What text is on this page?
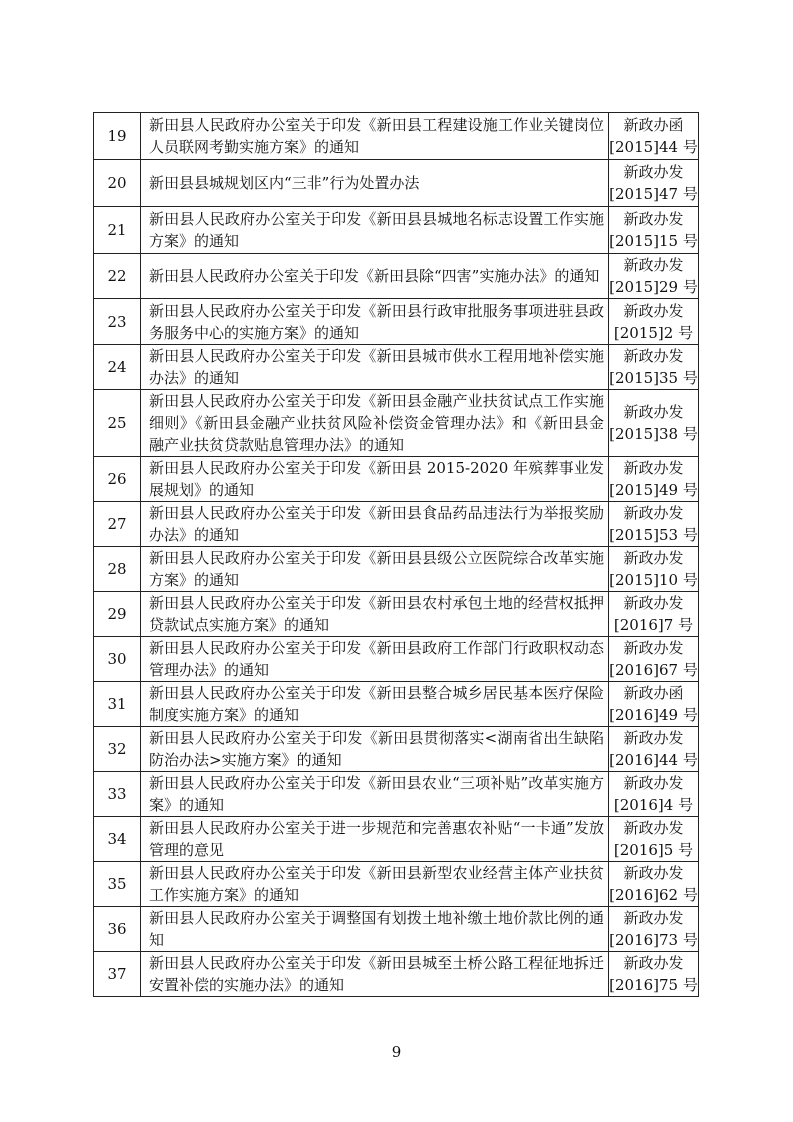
19	新田县人民政府办公室关于印发《新田县工程建设施工作业关键岗位人员联网考勤实施方案》的通知	新政办函
[2015]44 号

20	新田县县城规划区内“三非”行为处置办法	新政办发
[2015]47 号

21	新田县人民政府办公室关于印发《新田县县城地名标志设置工作实施方案》的通知	新政办发
[2015]15 号

22	新田县人民政府办公室关于印发《新田县除“四害”实施办法》的通知	新政办发
[2015]29 号

23	新田县人民政府办公室关于印发《新田县行政审批服务事项进驻县政务服务中心的实施方案》的通知	新政办发
[2015]2 号

24	新田县人民政府办公室关于印发《新田县城市供水工程用地补偿实施办法》的通知	新政办发
[2015]35 号

25	新田县人民政府办公室关于印发《新田县金融产业扶贫试点工作实施细则》《新田县金融产业扶贫风险补偿资金管理办法》和《新田县金融产业扶贫贷款贴息管理办法》的通知	新政办发
[2015]38 号

26	新田县人民政府办公室关于印发《新田县 2015-2020 年殡葬事业发展规划》的通知	新政办发
[2015]49 号

27	新田县人民政府办公室关于印发《新田县食品药品违法行为举报奖励办法》的通知	新政办发
[2015]53 号

28	新田县人民政府办公室关于印发《新田县县级公立医院综合改革实施方案》的通知	新政办发
[2015]10 号

29	新田县人民政府办公室关于印发《新田县农村承包土地的经营权抵押贷款试点实施方案》的通知	新政办发
[2016]7 号

30	新田县人民政府办公室关于印发《新田县政府工作部门行政职权动态管理办法》的通知	新政办发
[2016]67 号

31	新田县人民政府办公室关于印发《新田县整合城乡居民基本医疗保险制度实施方案》的通知	新政办函
[2016]49 号

32	新田县人民政府办公室关于印发《新田县贯彻落实<湖南省出生缺陷防治办法>实施方案》的通知	新政办发
[2016]44 号

33	新田县人民政府办公室关于印发《新田县农业“三项补贴”改革实施方案》的通知	新政办发
[2016]4 号

34	新田县人民政府办公室关于进一步规范和完善惠农补贴“一卡通”发放管理的意见	新政办发
[2016]5 号

35	新田县人民政府办公室关于印发《新田县新型农业经营主体产业扶贫工作实施方案》的通知	新政办发
[2016]62 号

36	新田县人民政府办公室关于调整国有划拨土地补缴土地价款比例的通知	新政办发
[2016]73 号

37	新田县人民政府办公室关于印发《新田县城至土桥公路工程征地拆迁安置补偿的实施办法》的通知	新政办发
[2016]75 号
9
